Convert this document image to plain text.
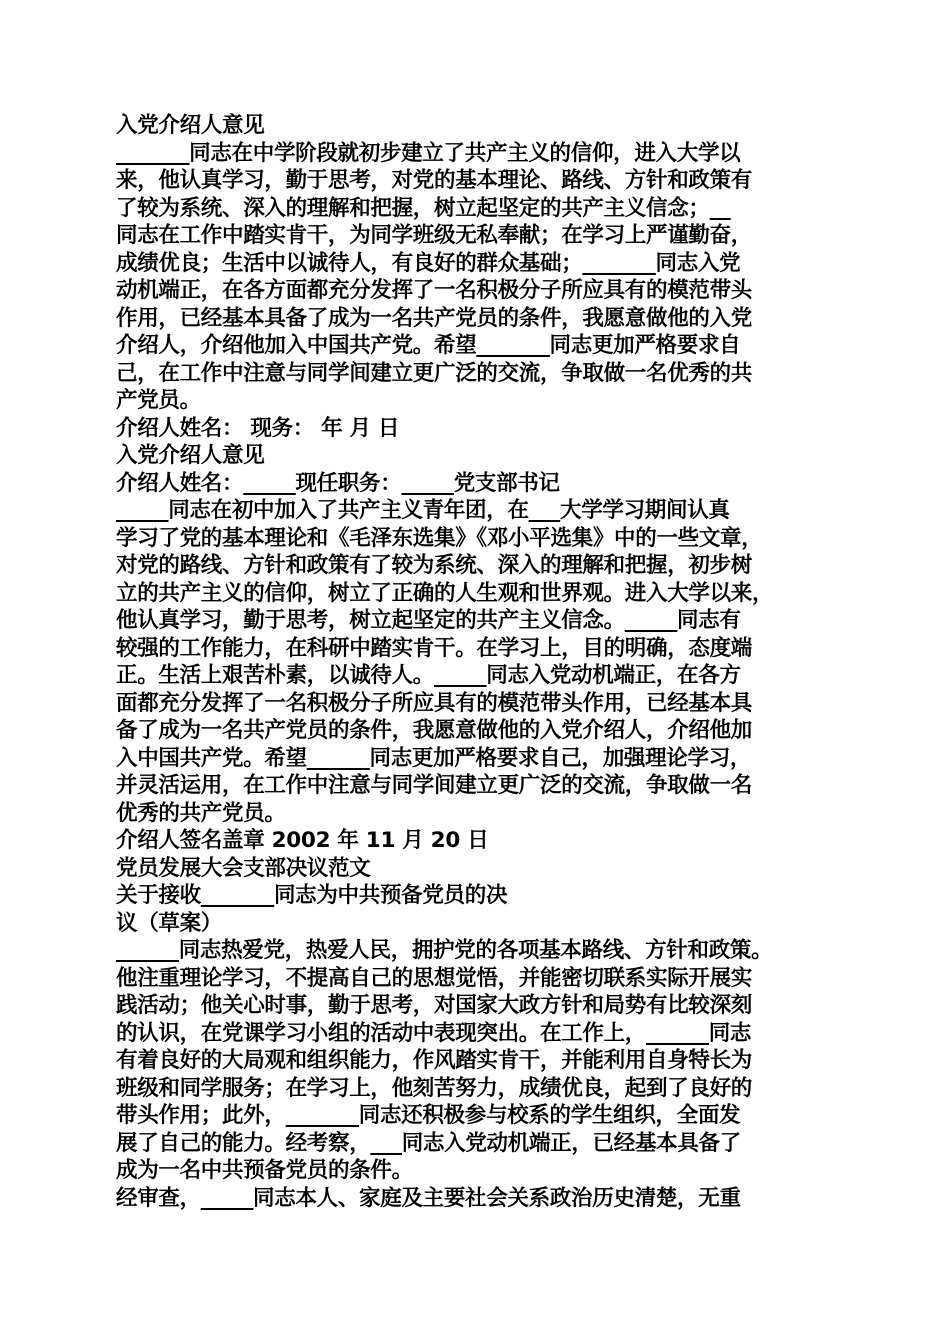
入党介绍人意见
_______同志在中学阶段就初步建立了共产主义的信仰，进入大学以
来，他认真学习，勤于思考，对党的基本理论、路线、方针和政策有
了较为系统、深入的理解和把握，树立起坚定的共产主义信念；__
同志在工作中踏实肯干，为同学班级无私奉献；在学习上严谨勤奋，
成绩优良；生活中以诚待人，有良好的群众基础；_______同志入党
动机端正，在各方面都充分发挥了一名积极分子所应具有的模范带头
作用，已经基本具备了成为一名共产党员的条件，我愿意做他的入党
介绍人，介绍他加入中国共产党。希望_______同志更加严格要求自
己，在工作中注意与同学间建立更广泛的交流，争取做一名优秀的共
产党员。
介绍人姓名： 现务： 年 月 日
入党介绍人意见
介绍人姓名：_____现任职务：_____党支部书记
_____同志在初中加入了共产主义青年团，在___大学学习期间认真
学习了党的基本理论和《毛泽东选集》《邓小平选集》中的一些文章，
对党的路线、方针和政策有了较为系统、深入的理解和把握，初步树
立的共产主义的信仰，树立了正确的人生观和世界观。进入大学以来，
他认真学习，勤于思考，树立起坚定的共产主义信念。_____同志有
较强的工作能力，在科研中踏实肯干。在学习上，目的明确，态度端
正。生活上艰苦朴素，以诚待人。_____同志入党动机端正，在各方
面都充分发挥了一名积极分子所应具有的模范带头作用，已经基本具
备了成为一名共产党员的条件，我愿意做他的入党介绍人，介绍他加
入中国共产党。希望______同志更加严格要求自己，加强理论学习，
并灵活运用，在工作中注意与同学间建立更广泛的交流，争取做一名
优秀的共产党员。
介绍人签名盖章 2002 年 11 月 20 日
党员发展大会支部决议范文
关于接收_______同志为中共预备党员的决
议（草案）
______同志热爱党，热爱人民，拥护党的各项基本路线、方针和政策。
他注重理论学习，不提高自己的思想觉悟，并能密切联系实际开展实
践活动；他关心时事，勤于思考，对国家大政方针和局势有比较深刻
的认识，在党课学习小组的活动中表现突出。在工作上，______同志
有着良好的大局观和组织能力，作风踏实肯干，并能利用自身特长为
班级和同学服务；在学习上，他刻苦努力，成绩优良，起到了良好的
带头作用；此外，_______同志还积极参与校系的学生组织，全面发
展了自己的能力。经考察，___同志入党动机端正，已经基本具备了
成为一名中共预备党员的条件。
经审查，_____同志本人、家庭及主要社会关系政治历史清楚，无重
